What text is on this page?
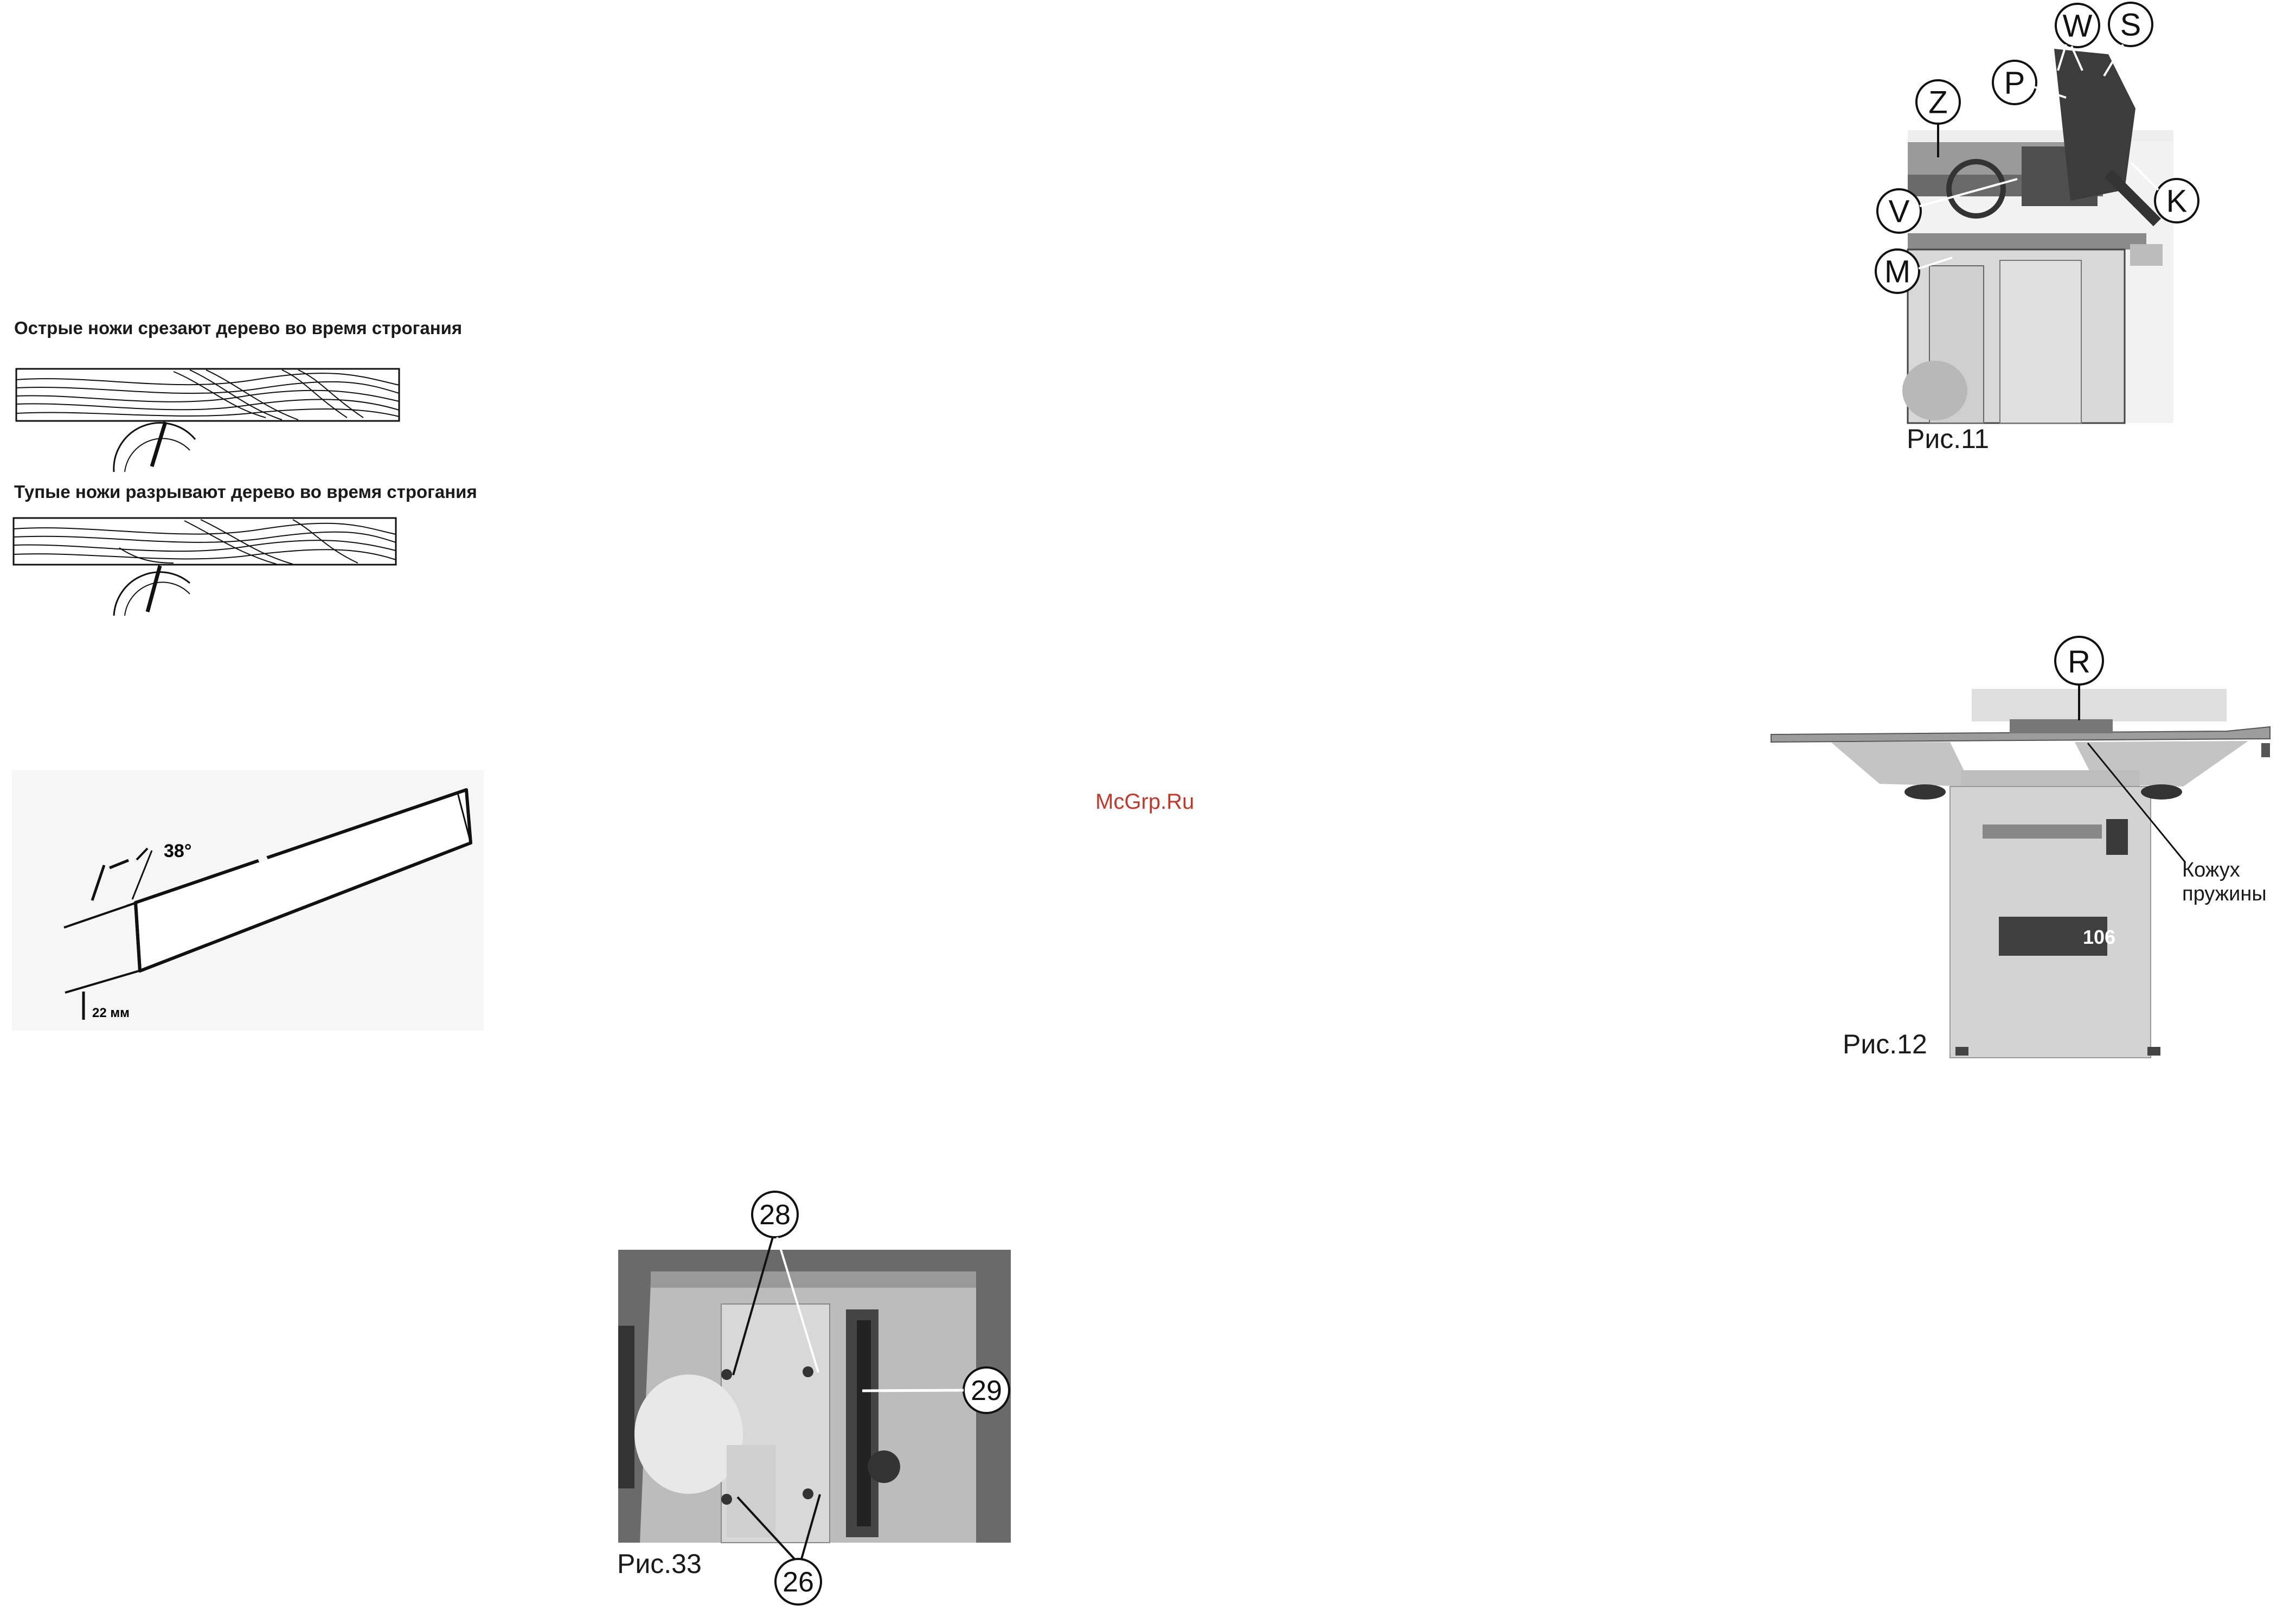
McGrp.Ru
Острые ножи срезают дерево во время строгания
Тупые ножи разрывают дерево во время строгания
38°
22 мм
W S
P
Z
V	K
M
Рис.11
106
R
Кожух
пружины
Рис.12
28
29
26
Рис.33
